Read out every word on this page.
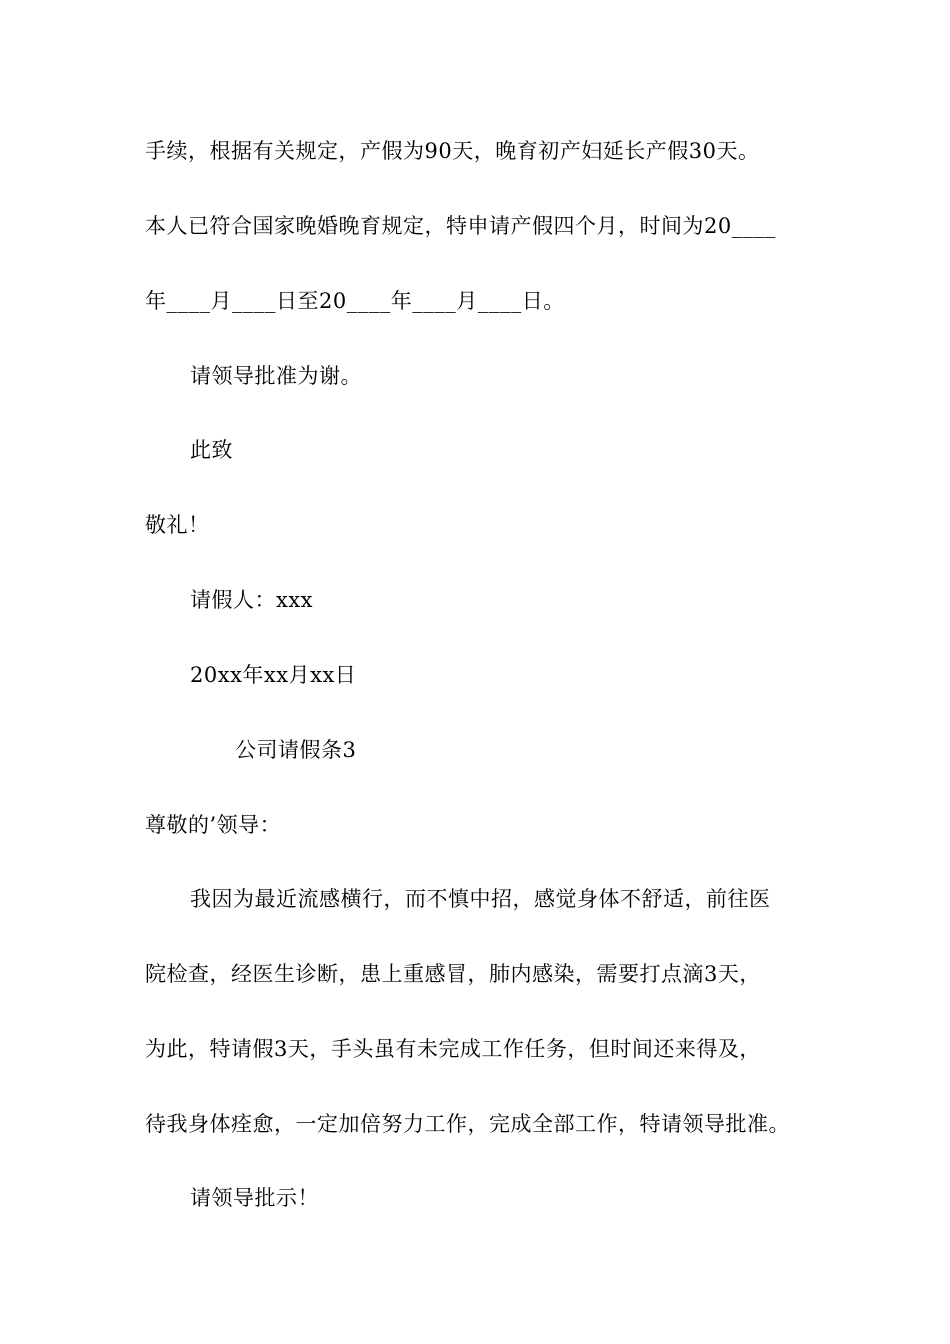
手续，根据有关规定，产假为90天，晚育初产妇延长产假30天。
本人已符合国家晚婚晚育规定，特申请产假四个月，时间为20____
年____月____日至20____年____月____日。
请领导批准为谢。
此致
敬礼！
请假人：xxx
20xx年xx月xx日
公司请假条3
尊敬的’领导：
我因为最近流感横行，而不慎中招，感觉身体不舒适，前往医
院检查，经医生诊断，患上重感冒，肺内感染，需要打点滴3天，
为此，特请假3天，手头虽有未完成工作任务，但时间还来得及，
待我身体痊愈，一定加倍努力工作，完成全部工作，特请领导批准。
请领导批示！
